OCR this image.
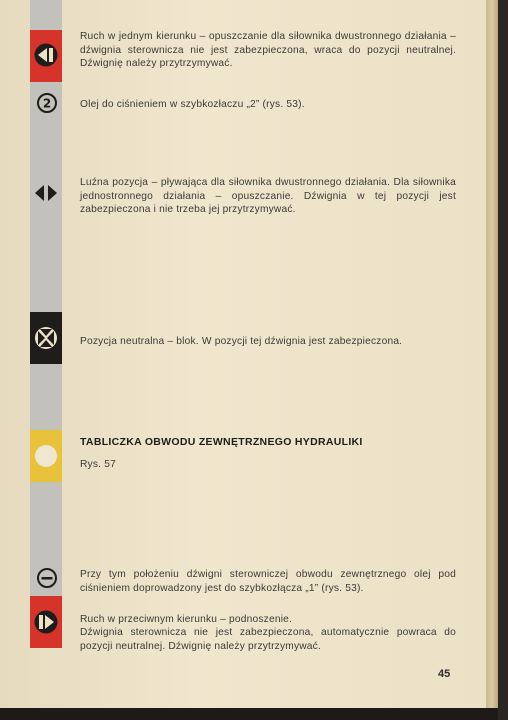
2
Ruch w jednym kierunku – opuszczanie dla siłownika dwustronnego działania – dźwignia sterownicza nie jest zabezpieczona, wraca do pozycji neutralnej. Dźwignię należy przytrzymywać.
Olej do ciśnieniem w szybkozłaczu „2” (rys. 53).
Luźna pozycja – pływająca dla siłownika dwustronnego działania. Dla siłownika jednostronnego działania – opuszczanie. Dźwignia w tej pozycji jest zabezpieczona i nie trzeba jej przytrzymywać.
Pozycja neutralna – blok. W pozycji tej dźwignia jest zabezpieczona.
TABLICZKA OBWODU ZEWNĘTRZNEGO HYDRAULIKI
Rys. 57
Przy tym położeniu dźwigni sterowniczej obwodu zewnętrznego olej pod ciśnieniem doprowadzony jest do szybkozłącza „1” (rys. 53).
Ruch w przeciwnym kierunku – podnoszenie.
Dźwignia sterownicza nie jest zabezpieczona, automatycznie powraca do pozycji neutralnej. Dźwignię należy przytrzymywać.
45
